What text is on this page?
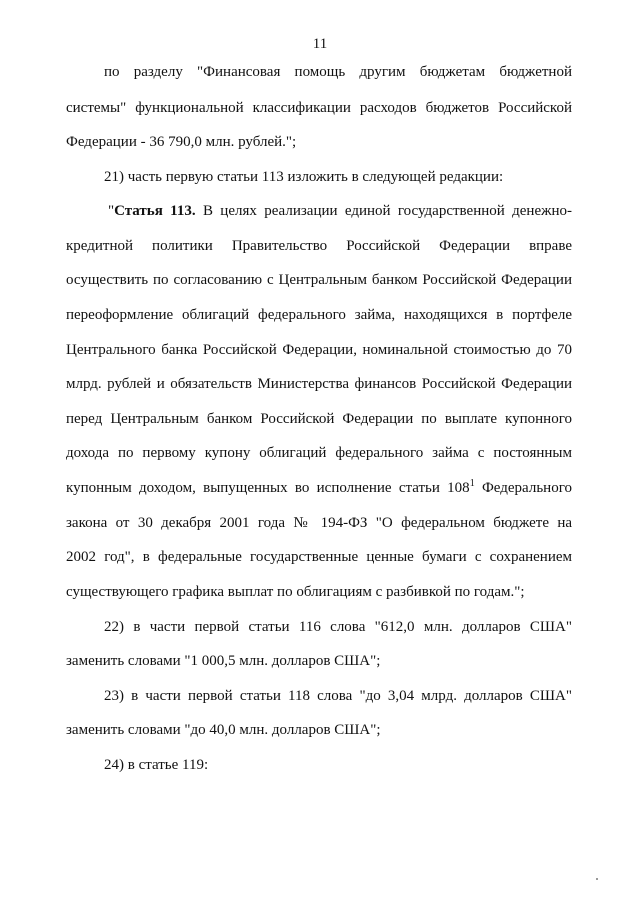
11
по разделу "Финансовая помощь другим бюджетам бюджетной
системы" функциональной классификации расходов бюджетов Российской
Федерации - 36 790,0 млн. рублей.";
21) часть первую статьи 113 изложить в следующей редакции:
"Статья 113. В целях реализации единой государственной денежно-
кредитной политики Правительство Российской Федерации вправе
осуществить по согласованию с Центральным банком Российской Федерации
переоформление облигаций федерального займа, находящихся в портфеле
Центрального банка Российской Федерации, номинальной стоимостью до 70
млрд. рублей и обязательств Министерства финансов Российской Федерации
перед Центральным банком Российской Федерации по выплате купонного
дохода по первому купону облигаций федерального займа с постоянным
купонным доходом, выпущенных во исполнение статьи $108^1$ Федерального
закона от 30 декабря 2001 года № 194-ФЗ "О федеральном бюджете на
2002 год", в федеральные государственные ценные бумаги с сохранением
существующего графика выплат по облигациям с разбивкой по годам.";
22) в части первой статьи 116 слова "612,0 млн. долларов США"
заменить словами "1 000,5 млн. долларов США";
23) в части первой статьи 118 слова "до 3,04 млрд. долларов США"
заменить словами "до 40,0 млн. долларов США";
24) в статье 119:
